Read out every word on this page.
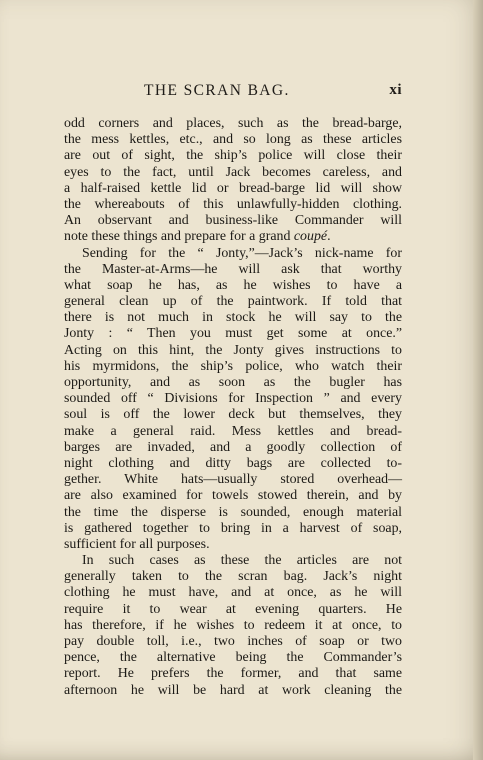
THE SCRAN BAG.	xi
odd corners and places, such as the bread-barge,
the mess kettles, etc., and so long as these articles
are out of sight, the ship’s police will close their
eyes to the fact, until Jack becomes careless, and
a half-raised kettle lid or bread-barge lid will show
the whereabouts of this unlawfully-hidden clothing.
An observant and business-like Commander will
note these things and prepare for a grand coupé.
Sending for the “ Jonty,”—Jack’s nick-name for
the Master-at-Arms—he will ask that worthy
what soap he has, as he wishes to have a
general clean up of the paintwork. If told that
there is not much in stock he will say to the
Jonty : “ Then you must get some at once.”
Acting on this hint, the Jonty gives instructions to
his myrmidons, the ship’s police, who watch their
opportunity, and as soon as the bugler has
sounded off “ Divisions for Inspection ” and every
soul is off the lower deck but themselves, they
make a general raid. Mess kettles and bread-
barges are invaded, and a goodly collection of
night clothing and ditty bags are collected to-
gether. White hats—usually stored overhead—
are also examined for towels stowed therein, and by
the time the disperse is sounded, enough material
is gathered together to bring in a harvest of soap,
sufficient for all purposes.
In such cases as these the articles are not
generally taken to the scran bag. Jack’s night
clothing he must have, and at once, as he will
require it to wear at evening quarters. He
has therefore, if he wishes to redeem it at once, to
pay double toll, i.e., two inches of soap or two
pence, the alternative being the Commander’s
report. He prefers the former, and that same
afternoon he will be hard at work cleaning the
